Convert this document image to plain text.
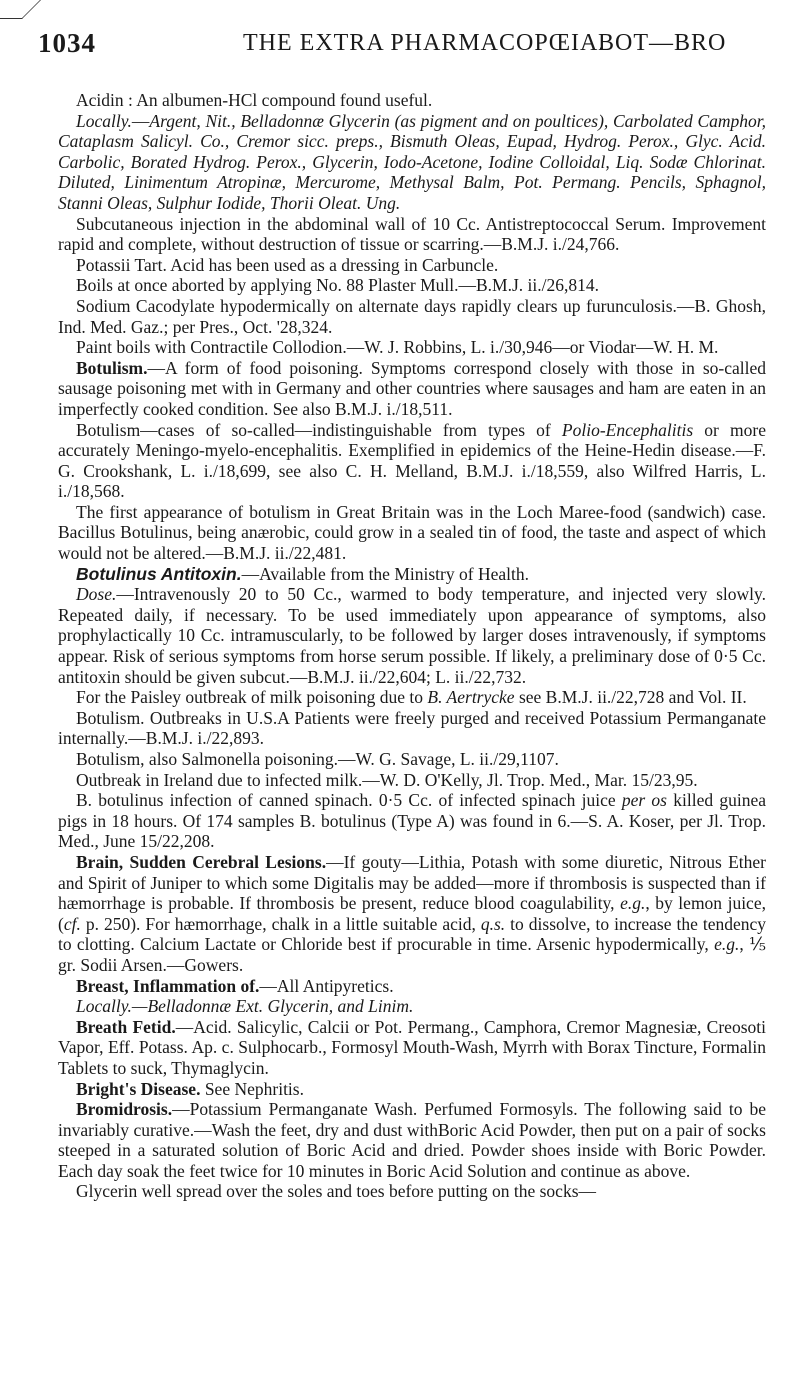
1034	THE EXTRA PHARMACOPŒIA.
BOT—BRO

Acidin : An albumen-HCl compound found useful.

Locally.—Argent, Nit., Belladonnæ Glycerin (as pigment and on poultices), Carbolated Camphor, Cataplasm Salicyl. Co., Cremor sicc. preps., Bismuth Oleas, Eupad, Hydrog. Perox., Glyc. Acid. Carbolic, Borated Hydrog. Perox., Glycerin, Iodo-Acetone, Iodine Colloidal, Liq. Sodæ Chlorinat. Diluted, Linimentum Atropinæ, Mercurome, Methysal Balm, Pot. Permang. Pencils, Sphagnol, Stanni Oleas, Sulphur Iodide, Thorii Oleat. Ung.

Subcutaneous injection in the abdominal wall of 10 Cc. Antistreptococcal Serum. Improvement rapid and complete, without destruction of tissue or scarring.—B.M.J. i./24,766.

Potassii Tart. Acid has been used as a dressing in Carbuncle.

Boils at once aborted by applying No. 88 Plaster Mull.—B.M.J. ii./26,814.

Sodium Cacodylate hypodermically on alternate days rapidly clears up furunculosis.—B. Ghosh, Ind. Med. Gaz.; per Pres., Oct. '28,324.

Paint boils with Contractile Collodion.—W. J. Robbins, L. i./30,946—or Viodar—W. H. M.

Botulism.—A form of food poisoning. Symptoms correspond closely with those in so-called sausage poisoning met with in Germany and other countries where sausages and ham are eaten in an imperfectly cooked condition. See also B.M.J. i./18,511.

Botulism—cases of so-called—indistinguishable from types of Polio-Encephalitis or more accurately Meningo-myelo-encephalitis. Exemplified in epidemics of the Heine-Hedin disease.—F. G. Crookshank, L. i./18,699, see also C. H. Melland, B.M.J. i./18,559, also Wilfred Harris, L. i./18,568.

The first appearance of botulism in Great Britain was in the Loch Maree-food (sandwich) case. Bacillus Botulinus, being anærobic, could grow in a sealed tin of food, the taste and aspect of which would not be altered.—B.M.J. ii./22,481.

Botulinus Antitoxin.—Available from the Ministry of Health.

Dose.—Intravenously 20 to 50 Cc., warmed to body temperature, and injected very slowly. Repeated daily, if necessary. To be used immediately upon appearance of symptoms, also prophylactically 10 Cc. intramuscularly, to be followed by larger doses intravenously, if symptoms appear. Risk of serious symptoms from horse serum possible. If likely, a preliminary dose of 0·5 Cc. antitoxin should be given subcut.—B.M.J. ii./22,604; L. ii./22,732.

For the Paisley outbreak of milk poisoning due to B. Aertrycke see B.M.J. ii./22,728 and Vol. II.

Botulism. Outbreaks in U.S.A Patients were freely purged and received Potassium Permanganate internally.—B.M.J. i./22,893.

Botulism, also Salmonella poisoning.—W. G. Savage, L. ii./29,1107.

Outbreak in Ireland due to infected milk.—W. D. O'Kelly, Jl. Trop. Med., Mar. 15/23,95.

B. botulinus infection of canned spinach. 0·5 Cc. of infected spinach juice per os killed guinea pigs in 18 hours. Of 174 samples B. botulinus (Type A) was found in 6.—S. A. Koser, per Jl. Trop. Med., June 15/22,208.

Brain, Sudden Cerebral Lesions.—If gouty—Lithia, Potash with some diuretic, Nitrous Ether and Spirit of Juniper to which some Digitalis may be added—more if thrombosis is suspected than if hæmorrhage is probable. If thrombosis be present, reduce blood coagulability, e.g., by lemon juice, (cf. p. 250). For hæmorrhage, chalk in a little suitable acid, q.s. to dissolve, to increase the tendency to clotting. Calcium Lactate or Chloride best if procurable in time. Arsenic hypodermically, e.g., ⅕ gr. Sodii Arsen.—Gowers.

Breast, Inflammation of.—All Antipyretics.

Locally.—Belladonnæ Ext. Glycerin, and Linim.

Breath Fetid.—Acid. Salicylic, Calcii or Pot. Permang., Camphora, Cremor Magnesiæ, Creosoti Vapor, Eff. Potass. Ap. c. Sulphocarb., Formosyl Mouth-Wash, Myrrh with Borax Tincture, Formalin Tablets to suck, Thymaglycin.

Bright's Disease. See Nephritis.

Bromidrosis.—Potassium Permanganate Wash. Perfumed Formosyls. The following said to be invariably curative.—Wash the feet, dry and dust withBoric Acid Powder, then put on a pair of socks steeped in a saturated solution of Boric Acid and dried. Powder shoes inside with Boric Powder. Each day soak the feet twice for 10 minutes in Boric Acid Solution and continue as above.

Glycerin well spread over the soles and toes before putting on the socks—
